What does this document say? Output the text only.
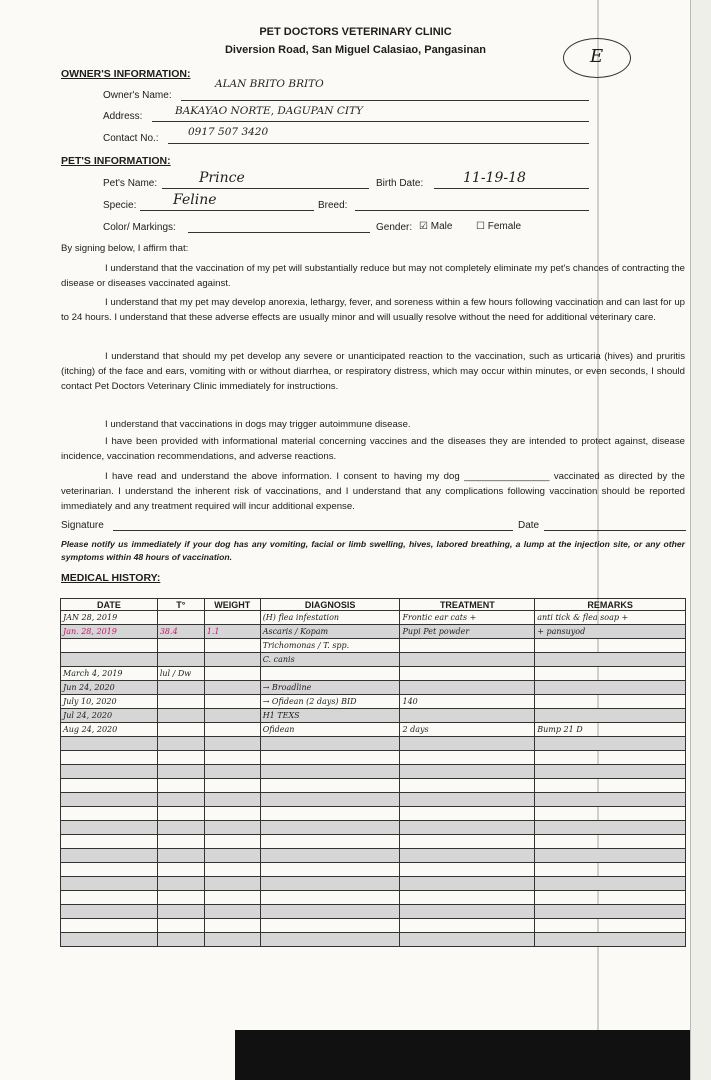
PET DOCTORS VETERINARY CLINIC
Diversion Road, San Miguel Calasiao, Pangasinan	E
OWNER'S INFORMATION:
Owner's Name:
ALAN BRITO BRITO
Address:	BAKAYAO NORTE, DAGUPAN CITY
Contact No.:
0917 507 3420
PET'S INFORMATION:
Pet's Name:	Prince	Birth Date:	11-19-18
Specie:	Feline	Breed:
Color/ Markings:	Gender: ☑ Male ☐ Female
By signing below, I affirm that:
I understand that the vaccination of my pet will substantially reduce but may not completely eliminate my pet's chances of contracting the disease or diseases vaccinated against.
I understand that my pet may develop anorexia, lethargy, fever, and soreness within a few hours following vaccination and can last for up to 24 hours. I understand that these adverse effects are usually minor and will usually resolve without the need for additional veterinary care.
I understand that should my pet develop any severe or unanticipated reaction to the vaccination, such as urticaria (hives) and pruritis (itching) of the face and ears, vomiting with or without diarrhea, or respiratory distress, which may occur within minutes, or even seconds, I should contact Pet Doctors Veterinary Clinic immediately for instructions.
I understand that vaccinations in dogs may trigger autoimmune disease.
I have been provided with informational material concerning vaccines and the diseases they are intended to protect against, disease incidence, vaccination recommendations, and adverse reactions.
I have read and understand the above information. I consent to having my dog ________________ vaccinated as directed by the veterinarian. I understand the inherent risk of vaccinations, and I understand that any complications following vaccination should be reported immediately and any treatment required will incur additional expense.
Signature	Date
Please notify us immediately if your dog has any vomiting, facial or limb swelling, hives, labored breathing, a lump at the injection site, or any other symptoms within 48 hours of vaccination.
MEDICAL HISTORY:
DATE	T°	WEIGHT	DIAGNOSIS	TREATMENT	REMARKS
JAN 28, 2019			(H) flea infestation	Frontic ear cats +	anti tick & flea soap +
Jan. 28, 2019	38.4	1.1	Ascaris / Kopam	Pupi Pet powder	+ pansuyod
			Trichomonas / T. spp.		
			C. canis		
March 4, 2019	lul / Dw				
Jun 24, 2020			→ Broadline		
July 10, 2020			→ Ofidean (2 days) BID	140	
Jul 24, 2020			H1 TEXS		
Aug 24, 2020			Ofidean	2 days	Bump 21 D
